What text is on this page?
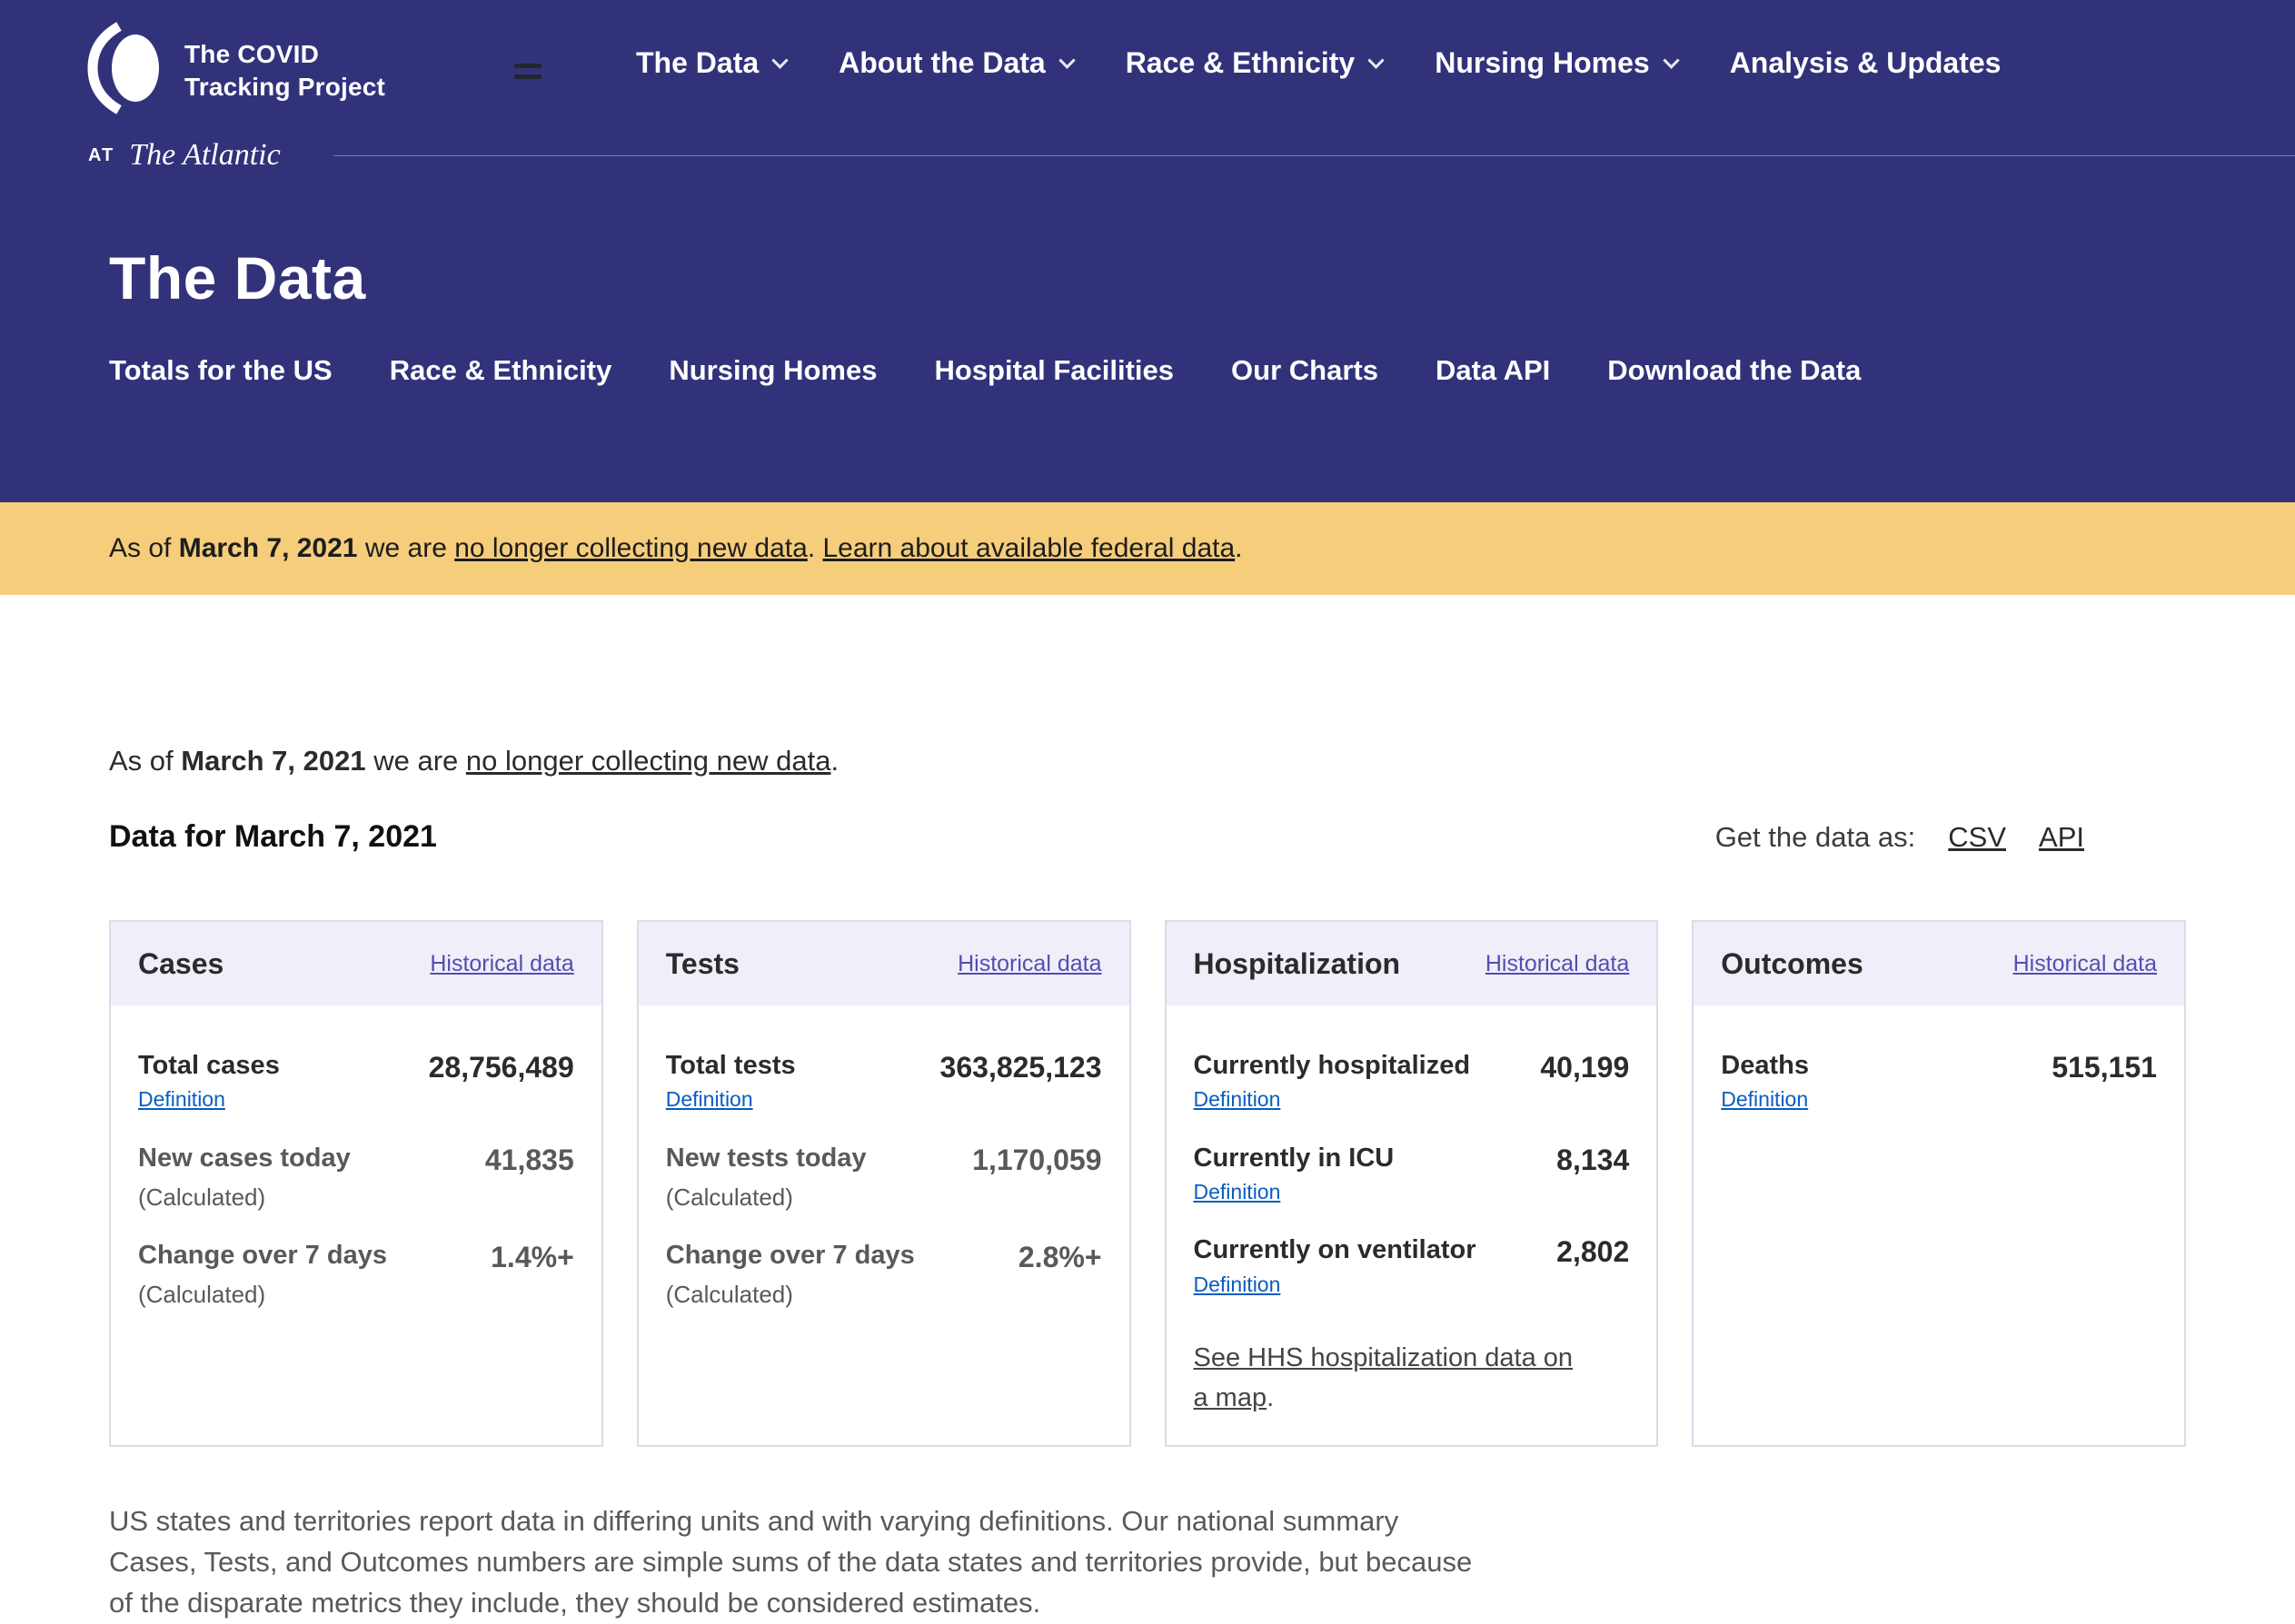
The COVID
Tracking Project
The Data	About the Data	Race & Ethnicity	Nursing Homes	Analysis & Updates
AT The Atlantic
The Data
Totals for the US Race & Ethnicity Nursing Homes Hospital Facilities Our Charts Data API Download the Data
As of March 7, 2021 we are no longer collecting new data. Learn about available federal data.

As of March 7, 2021 we are no longer collecting new data.

Data for March 7, 2021	Get the data as: CSV API
Cases	Historical data
Total cases
Definition
28,756,489
New cases today
(Calculated)
41,835
Change over 7 days
(Calculated)
1.4%+
Tests	Historical data
Total tests
Definition
363,825,123
New tests today
(Calculated)
1,170,059
Change over 7 days
(Calculated)
2.8%+
Hospitalization	Historical data
Currently hospitalized
Definition
40,199
Currently in ICU
Definition
8,134
Currently on ventilator
Definition
2,802
See HHS hospitalization data on a map.
Outcomes	Historical data
Deaths
Definition
515,151

US states and territories report data in differing units and with varying definitions. Our national summary Cases, Tests, and Outcomes numbers are simple sums of the data states and territories provide, but because of the disparate metrics they include, they should be considered estimates.
